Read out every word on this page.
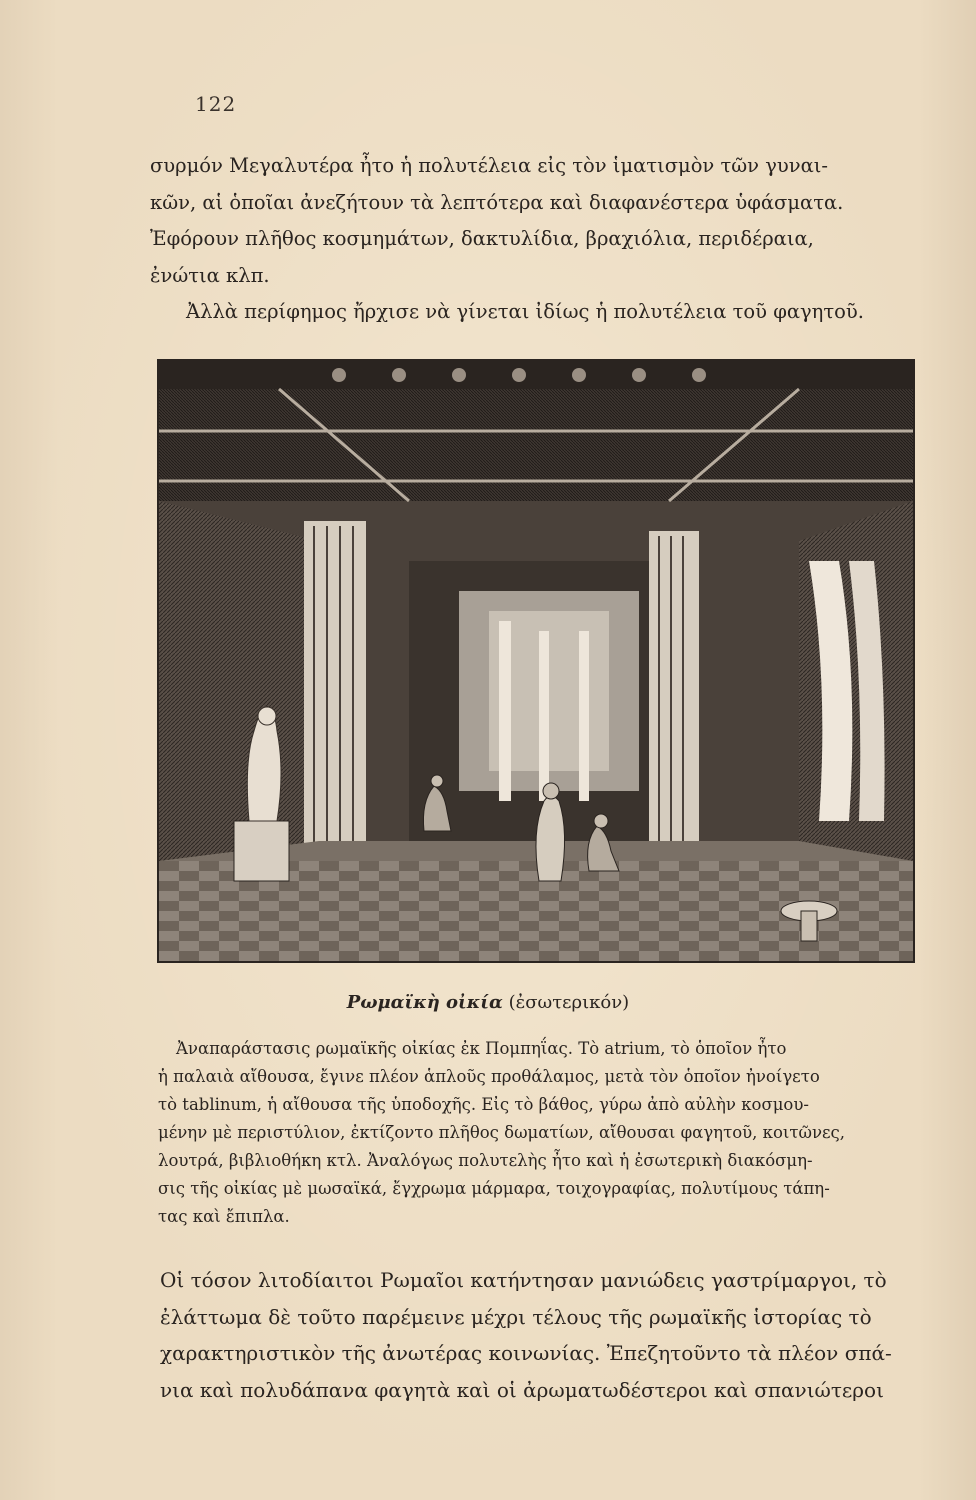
122
συρμόν Μεγαλυτέρα ἦτο ἡ πολυτέλεια εἰς τὸν ἱματισμὸν τῶν γυναι-
κῶν, αἱ ὁποῖαι ἀνεζήτουν τὰ λεπτότερα καὶ διαφανέστερα ὑφάσματα.
Ἐφόρουν πλῆθος κοσμημάτων, δακτυλίδια, βραχιόλια, περιδέραια,
ἐνώτια κλπ.
Ἀλλὰ περίφημος ἤρχισε νὰ γίνεται ἰδίως ἡ πολυτέλεια τοῦ φαγητοῦ.
Ρωμαϊκὴ οἰκία (ἐσωτερικόν)
Ἀναπαράστασις ρωμαϊκῆς οἰκίας ἐκ Πομπηΐας. Τὸ atrium, τὸ ὁποῖον ἦτο
ἡ παλαιὰ αἴθουσα, ἔγινε πλέον ἁπλοῦς προθάλαμος, μετὰ τὸν ὁποῖον ἠνοίγετο
τὸ tablinum, ἡ αἴθουσα τῆς ὑποδοχῆς. Εἰς τὸ βάθος, γύρω ἀπὸ αὐλὴν κοσμου-
μένην μὲ περιστύλιον, ἐκτίζοντο πλῆθος δωματίων, αἴθουσαι φαγητοῦ, κοιτῶνες,
λουτρά, βιβλιοθήκη κτλ. Ἀναλόγως πολυτελὴς ἦτο καὶ ἡ ἐσωτερικὴ διακόσμη-
σις τῆς οἰκίας μὲ μωσαϊκά, ἔγχρωμα μάρμαρα, τοιχογραφίας, πολυτίμους τάπη-
τας καὶ ἔπιπλα.
Οἱ τόσον λιτοδίαιτοι Ρωμαῖοι κατήντησαν μανιώδεις γαστρίμαργοι, τὸ
ἐλάττωμα δὲ τοῦτο παρέμεινε μέχρι τέλους τῆς ρωμαϊκῆς ἱστορίας τὸ
χαρακτηριστικὸν τῆς ἀνωτέρας κοινωνίας. Ἐπεζητοῦντο τὰ πλέον σπά-
νια καὶ πολυδάπανα φαγητὰ καὶ οἱ ἀρωματωδέστεροι καὶ σπανιώτεροι
